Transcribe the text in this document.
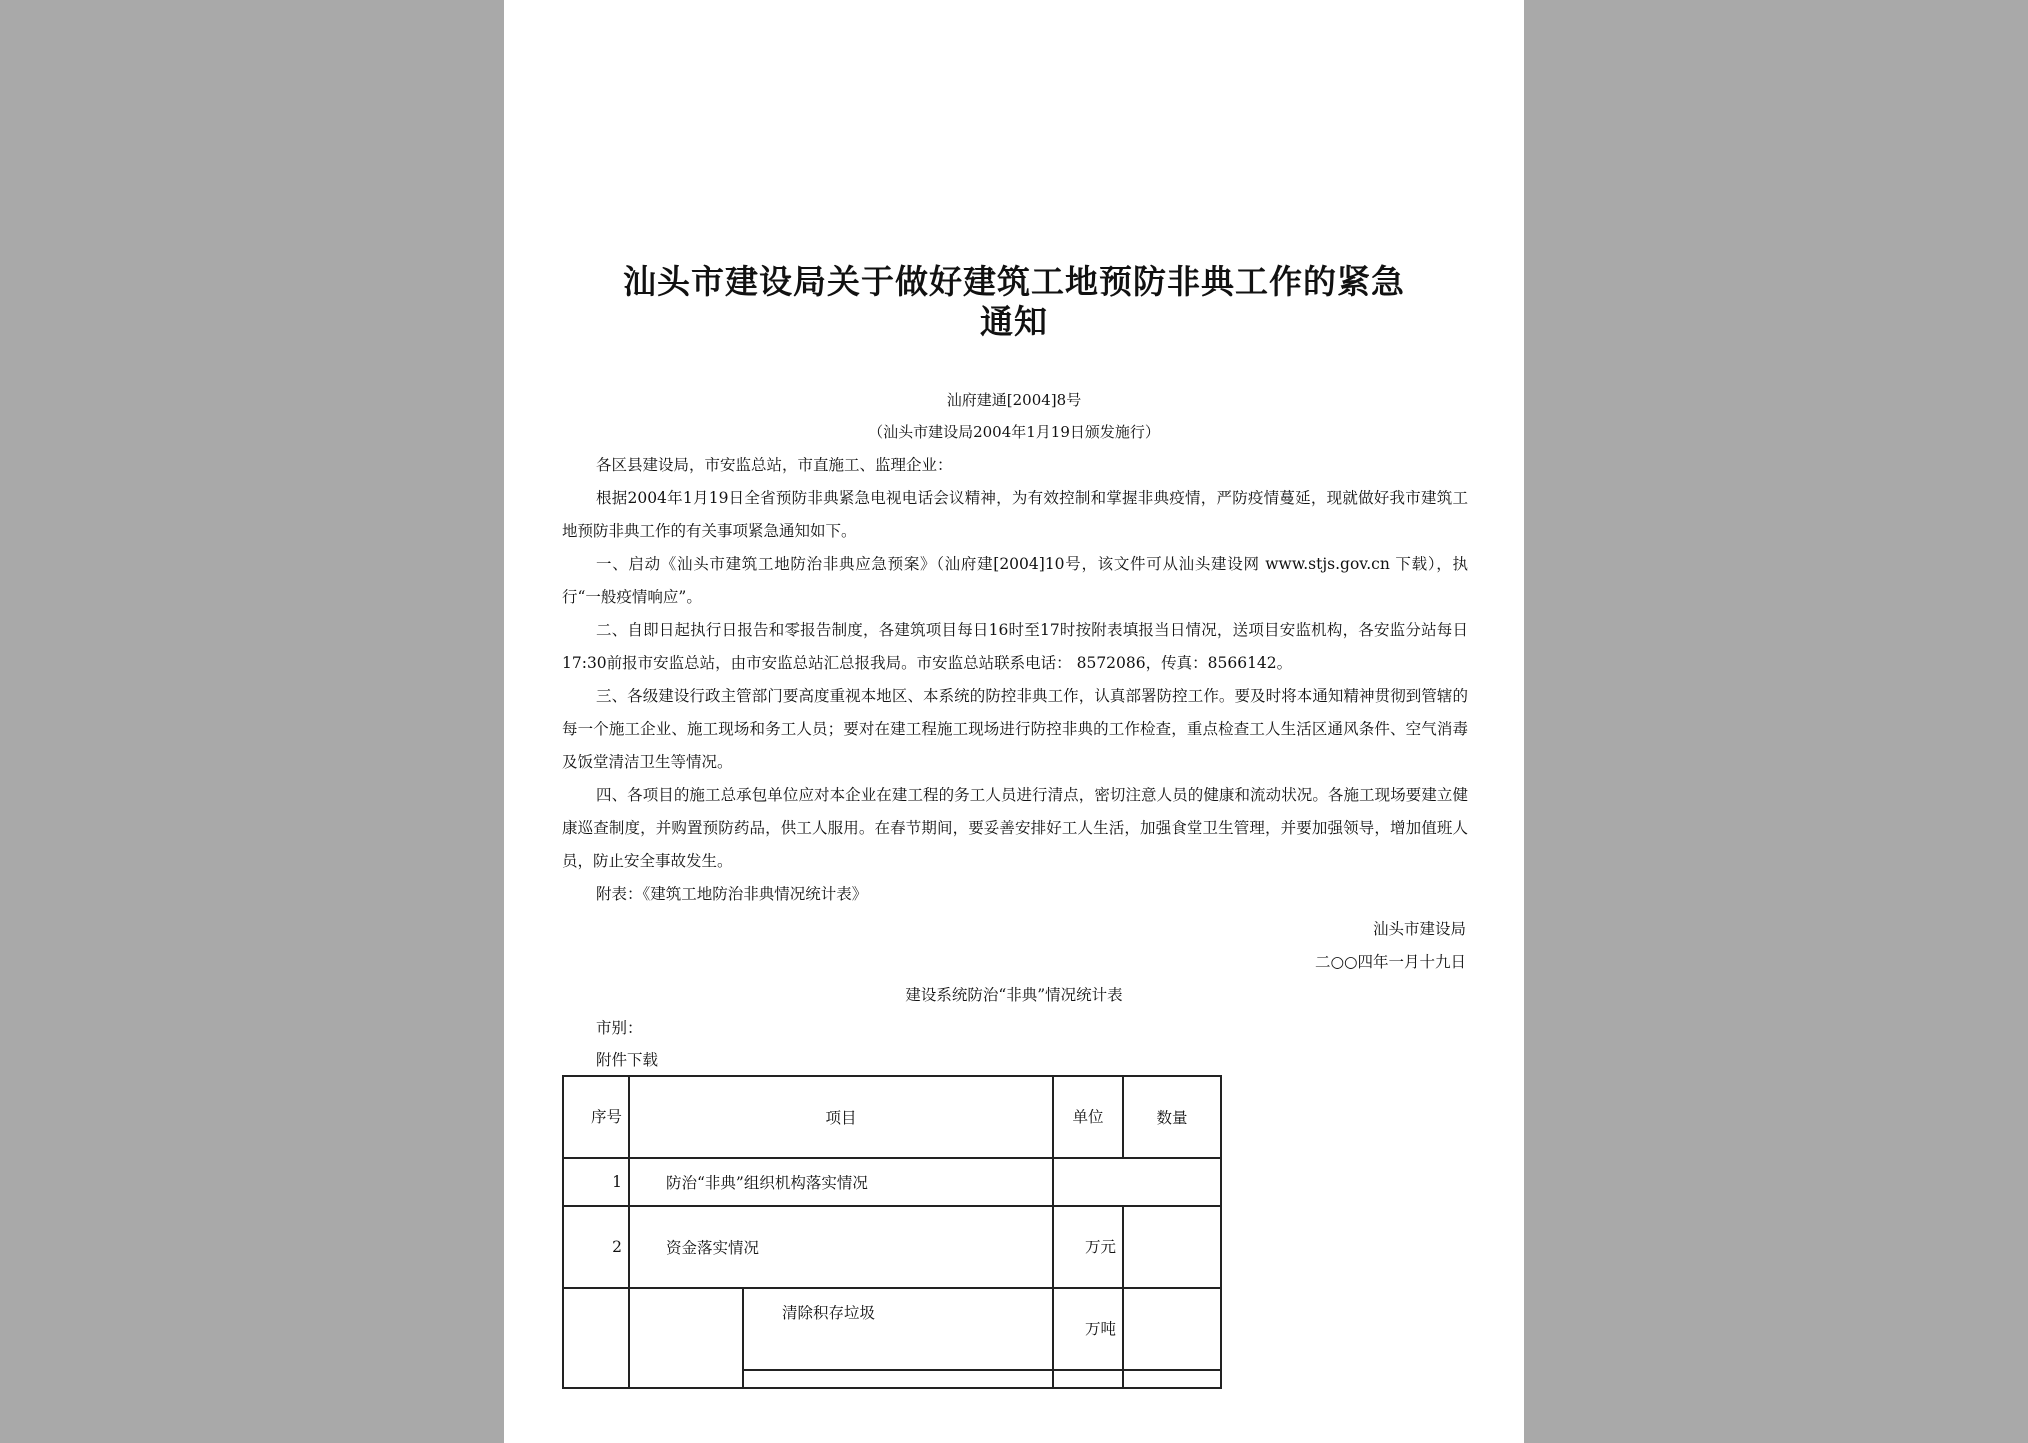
汕头市建设局关于做好建筑工地预防非典工作的紧急
通知
汕府建通[2004]8号
（汕头市建设局2004年1月19日颁发施行）
各区县建设局，市安监总站，市直施工、监理企业：
根据2004年1月19日全省预防非典紧急电视电话会议精神，为有效控制和掌握非典疫情，严防疫情蔓延，现就做好我市建筑工地预防非典工作的有关事项紧急通知如下。
一、启动《汕头市建筑工地防治非典应急预案》（汕府建[2004]10号，该文件可从汕头建设网 www.stjs.gov.cn 下载），执行“一般疫情响应”。
二、自即日起执行日报告和零报告制度，各建筑项目每日16时至17时按附表填报当日情况，送项目安监机构，各安监分站每日17:30前报市安监总站，由市安监总站汇总报我局。市安监总站联系电话： 8572086，传真：8566142。
三、各级建设行政主管部门要高度重视本地区、本系统的防控非典工作，认真部署防控工作。要及时将本通知精神贯彻到管辖的每一个施工企业、施工现场和务工人员；要对在建工程施工现场进行防控非典的工作检查，重点检查工人生活区通风条件、空气消毒及饭堂清洁卫生等情况。
四、各项目的施工总承包单位应对本企业在建工程的务工人员进行清点，密切注意人员的健康和流动状况。各施工现场要建立健康巡查制度，并购置预防药品，供工人服用。在春节期间，要妥善安排好工人生活，加强食堂卫生管理，并要加强领导，增加值班人员，防止安全事故发生。
附表：《建筑工地防治非典情况统计表》
汕头市建设局
二○○四年一月十九日
建设系统防治“非典”情况统计表
市别：
附件下载
序号	项目		单位	数量
1	防治“非典”组织机构落实情况			
2	资金落实情况		万元	
		清除积存垃圾	万吨	
